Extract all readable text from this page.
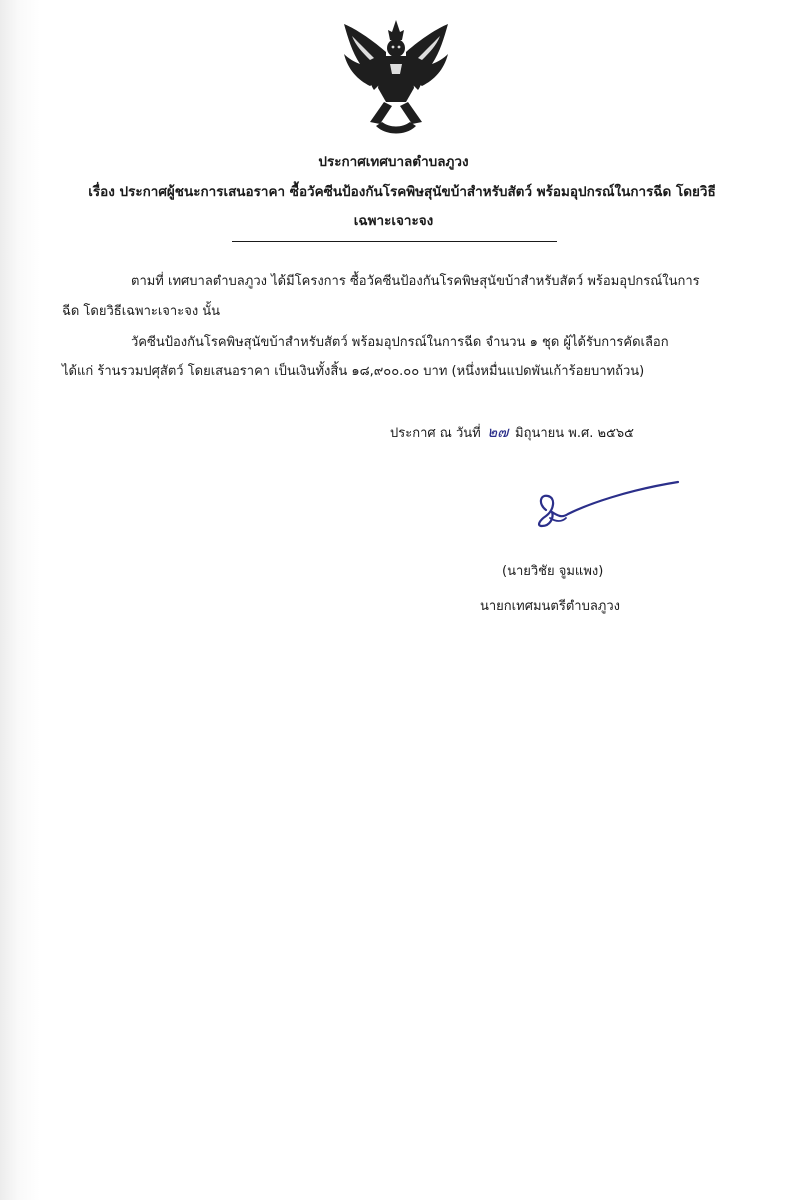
ประกาศเทศบาลตำบลภูวง
เรื่อง ประกาศผู้ชนะการเสนอราคา ซื้อวัคซีนป้องกันโรคพิษสุนัขบ้าสำหรับสัตว์ พร้อมอุปกรณ์ในการฉีด โดยวิธี
เฉพาะเจาะจง
ตามที่ เทศบาลตำบลภูวง ได้มีโครงการ ซื้อวัคซีนป้องกันโรคพิษสุนัขบ้าสำหรับสัตว์ พร้อมอุปกรณ์ในการ
ฉีด โดยวิธีเฉพาะเจาะจง นั้น
วัคซีนป้องกันโรคพิษสุนัขบ้าสำหรับสัตว์ พร้อมอุปกรณ์ในการฉีด จำนวน ๑ ชุด ผู้ได้รับการคัดเลือก
ได้แก่ ร้านรวมปศุสัตว์ โดยเสนอราคา เป็นเงินทั้งสิ้น ๑๘,๙๐๐.๐๐ บาท (หนึ่งหมื่นแปดพันเก้าร้อยบาทถ้วน)
ประกาศ ณ วันที่ ๒๗ มิถุนายน พ.ศ. ๒๕๖๕
(นายวิชัย จูมแพง)
นายกเทศมนตรีตำบลภูวง
